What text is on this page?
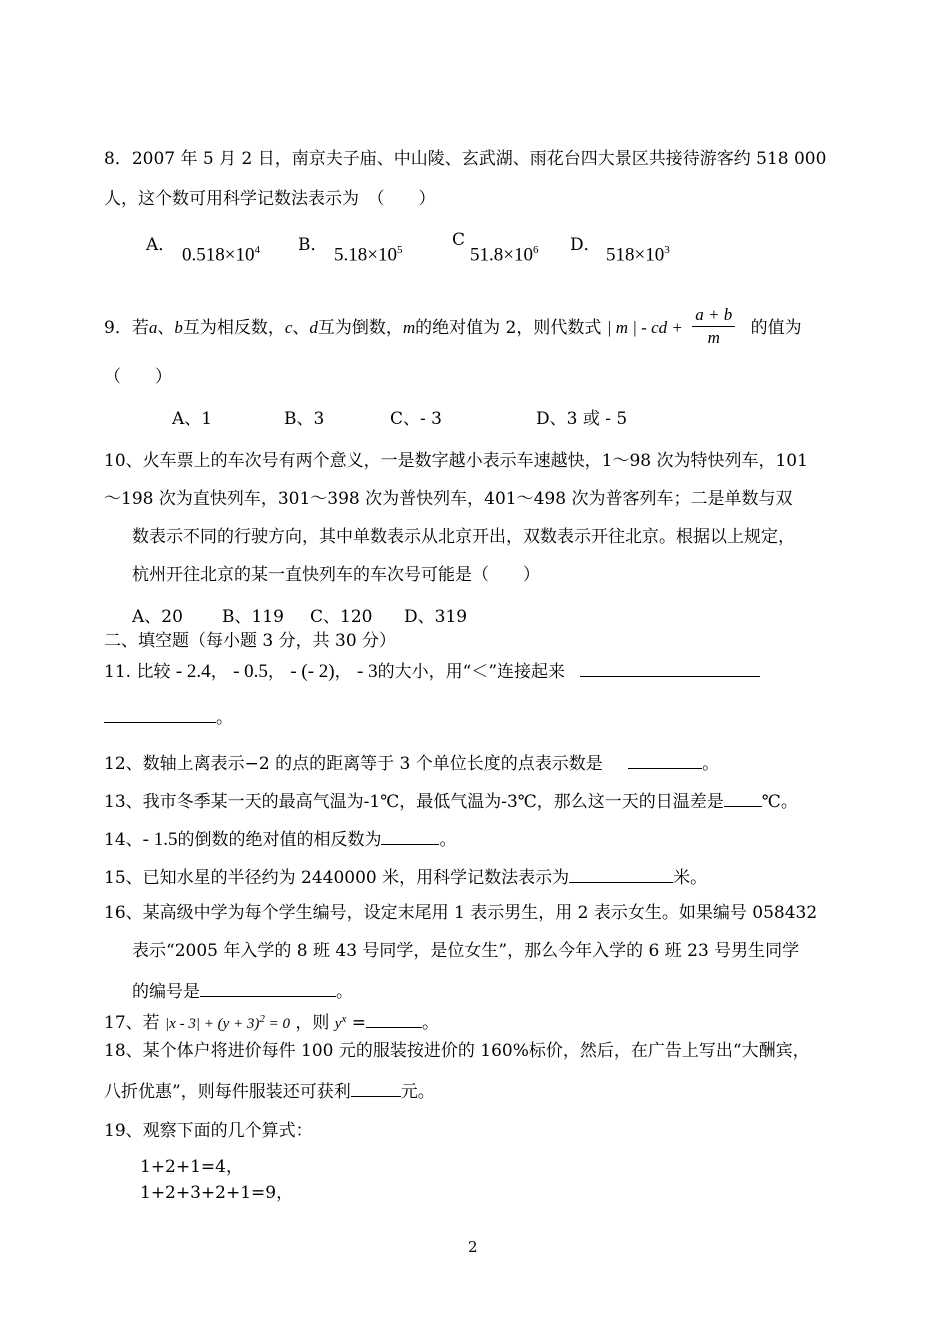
8．2007 年 5 月 2 日，南京夫子庙、中山陵、玄武湖、雨花台四大景区共接待游客约 518 000
人，这个数可用科学记数法表示为　（　　）
A． $0.518\times 10^4$ B． $5.18\times 10^5$	C
$51.8\times 10^6$ D． $518\times 10^3$
9．若a、b互为相反数，c、d互为倒数，m的绝对值为 2，则代数式 | m | - cd + $\frac{a + b}{m}$ 的值为
（　　）
A、1	B、3	C、- 3	D、3 或 - 5
10、火车票上的车次号有两个意义，一是数字越小表示车速越快，1～98 次为特快列车，101
～198 次为直快列车，301～398 次为普快列车，401～498 次为普客列车；二是单数与双
数表示不同的行驶方向，其中单数表示从北京开出，双数表示开往北京。根据以上规定，
杭州开往北京的某一直快列车的车次号可能是（　　）
A、20 B、119 C、120 D、319
二、填空题（每小题 3 分，共 30 分）
11. 比较 - 2.4， - 0.5， - (- 2)， - 3的大小，用“＜”连接起来
。
12、数轴上离表示−2 的点的距离等于 3 个单位长度的点表示数是	。
13、我市冬季某一天的最高气温为-1℃，最低气温为-3℃，那么这一天的日温差是 ℃。
14、- 1.5的倒数的绝对值的相反数为	。
15、已知水星的半径约为 2440000 米，用科学记数法表示为	米。
16、某高级中学为每个学生编号，设定末尾用 1 表示男生，用 2 表示女生。如果编号 058432
表示“2005 年入学的 8 班 43 号同学，是位女生”，那么今年入学的 6 班 23 号男生同学
的编号是	。
17、若 $|x - 3| + (y + 3)^2 = 0$ ，则 $y^x$ =	。
18、某个体户将进价每件 100 元的服装按进价的 160%标价，然后，在广告上写出“大酬宾，
八折优惠”，则每件服装还可获利	元。
19、观察下面的几个算式：
1+2+1=4，
1+2+3+2+1=9，
2
